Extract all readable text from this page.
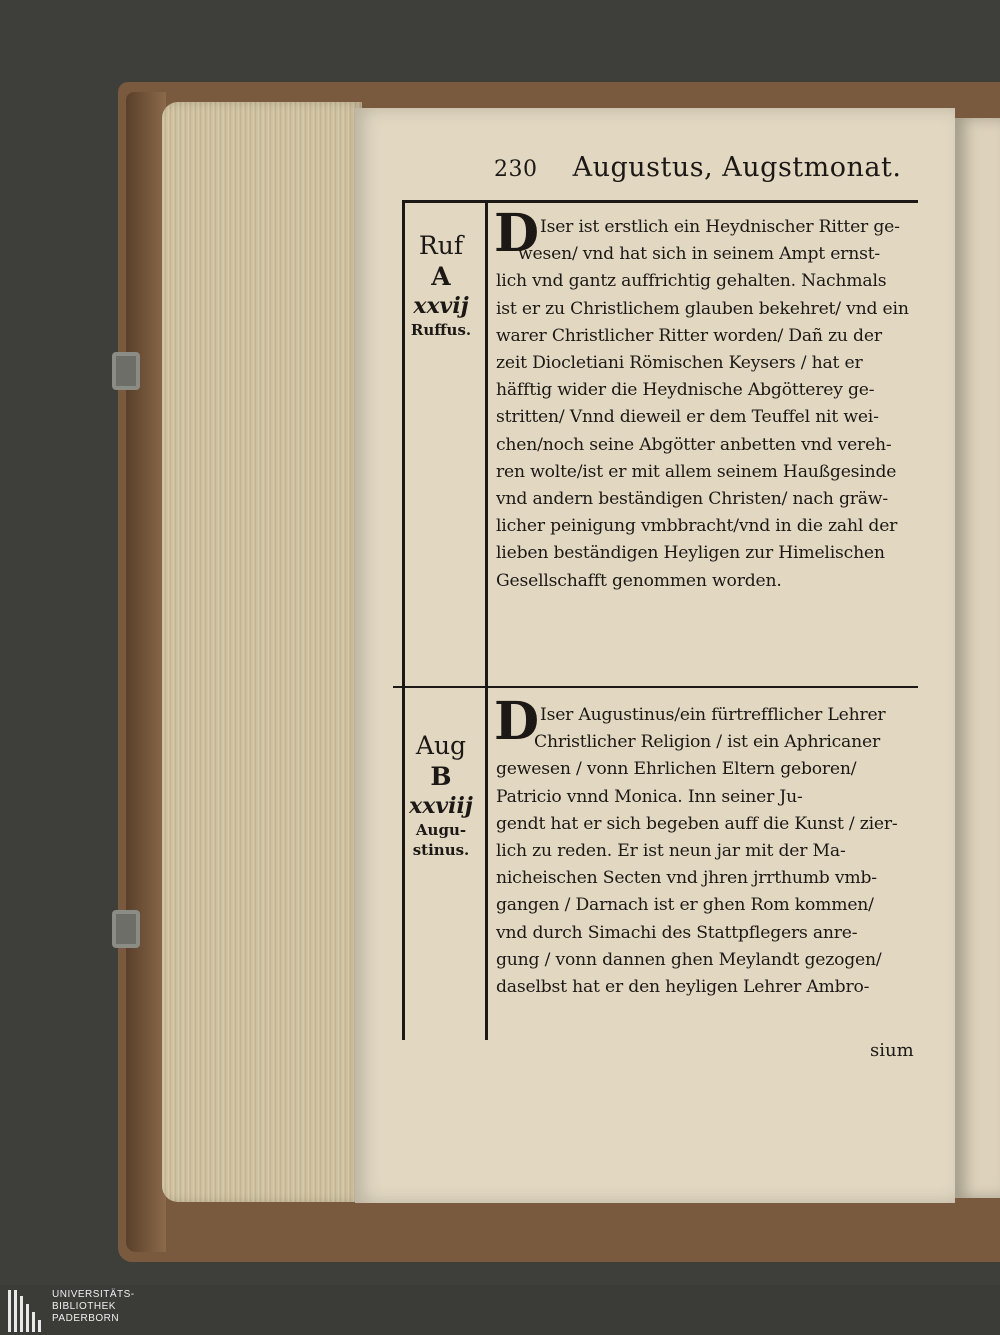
230 Augustus, Augstmonat.
Ruf
A
xxvij
Ruffus.
D Iser ist erstlich ein Heydnischer Ritter ge-
wesen/ vnd hat sich in seinem Ampt ernst-
lich vnd gantz auffrichtig gehalten. Nachmals
ist er zu Christlichem glauben bekehret/ vnd ein
warer Christlicher Ritter worden/ Dañ zu der
zeit Diocletiani Römischen Keysers / hat er
häfftig wider die Heydnische Abgötterey ge-
stritten/ Vnnd dieweil er dem Teuffel nit wei-
chen/noch seine Abgötter anbetten vnd vereh-
ren wolte/ist er mit allem seinem Haußgesinde
vnd andern beständigen Christen/ nach gräw-
licher peinigung vmbbracht/vnd in die zahl der
lieben beständigen Heyligen zur Himelischen
Gesellschafft genommen worden.
Aug
B
xxviij
Augu-
stinus.
D Iser Augustinus/ein fürtrefflicher Lehrer
Christlicher Religion / ist ein Aphricaner
gewesen / vonn Ehrlichen Eltern geboren/
Patricio vnnd Monica. Inn seiner Ju-
gendt hat er sich begeben auff die Kunst / zier-
lich zu reden. Er ist neun jar mit der Ma-
nicheischen Secten vnd jhren jrrthumb vmb-
gangen / Darnach ist er ghen Rom kommen/
vnd durch Simachi des Stattpflegers anre-
gung / vonn dannen ghen Meylandt gezogen/
daselbst hat er den heyligen Lehrer Ambro-
sium
UNIVERSITÄTS-
BIBLIOTHEK
PADERBORN
